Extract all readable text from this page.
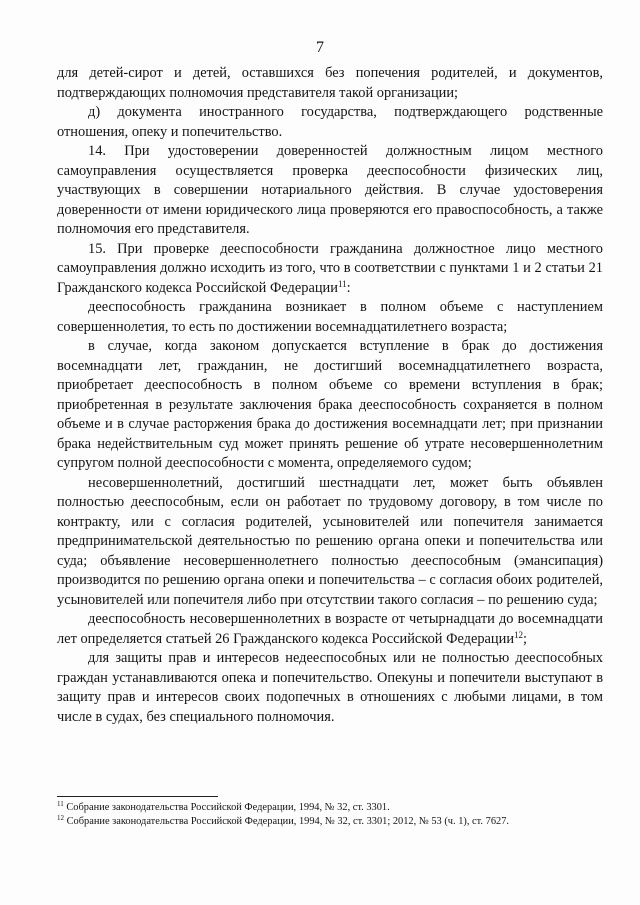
7

для детей-сирот и детей, оставшихся без попечения родителей, и документов, подтверждающих полномочия представителя такой организации;

д) документа иностранного государства, подтверждающего родственные отношения, опеку и попечительство.

14. При удостоверении доверенностей должностным лицом местного самоуправления осуществляется проверка дееспособности физических лиц, участвующих в совершении нотариального действия. В случае удостоверения доверенности от имени юридического лица проверяются его правоспособность, а также полномочия его представителя.

15. При проверке дееспособности гражданина должностное лицо местного самоуправления должно исходить из того, что в соответствии с пунктами 1 и 2 статьи 21 Гражданского кодекса Российской Федерации$^{11}$:

дееспособность гражданина возникает в полном объеме с наступлением совершеннолетия, то есть по достижении восемнадцатилетнего возраста;

в случае, когда законом допускается вступление в брак до достижения восемнадцати лет, гражданин, не достигший восемнадцатилетнего возраста, приобретает дееспособность в полном объеме со времени вступления в брак; приобретенная в результате заключения брака дееспособность сохраняется в полном объеме и в случае расторжения брака до достижения восемнадцати лет; при признании брака недействительным суд может принять решение об утрате несовершеннолетним супругом полной дееспособности с момента, определяемого судом;

несовершеннолетний, достигший шестнадцати лет, может быть объявлен полностью дееспособным, если он работает по трудовому договору, в том числе по контракту, или с согласия родителей, усыновителей или попечителя занимается предпринимательской деятельностью по решению органа опеки и попечительства или суда; объявление несовершеннолетнего полностью дееспособным (эмансипация) производится по решению органа опеки и попечительства – с согласия обоих родителей, усыновителей или попечителя либо при отсутствии такого согласия – по решению суда;

дееспособность несовершеннолетних в возрасте от четырнадцати до восемнадцати лет определяется статьей 26 Гражданского кодекса Российской Федерации$^{12}$;

для защиты прав и интересов недееспособных или не полностью дееспособных граждан устанавливаются опека и попечительство. Опекуны и попечители выступают в защиту прав и интересов своих подопечных в отношениях с любыми лицами, в том числе в судах, без специального полномочия.

$^{11}$ Собрание законодательства Российской Федерации, 1994, № 32, ст. 3301.
$^{12}$ Собрание законодательства Российской Федерации, 1994, № 32, ст. 3301; 2012, № 53 (ч. 1), ст. 7627.
